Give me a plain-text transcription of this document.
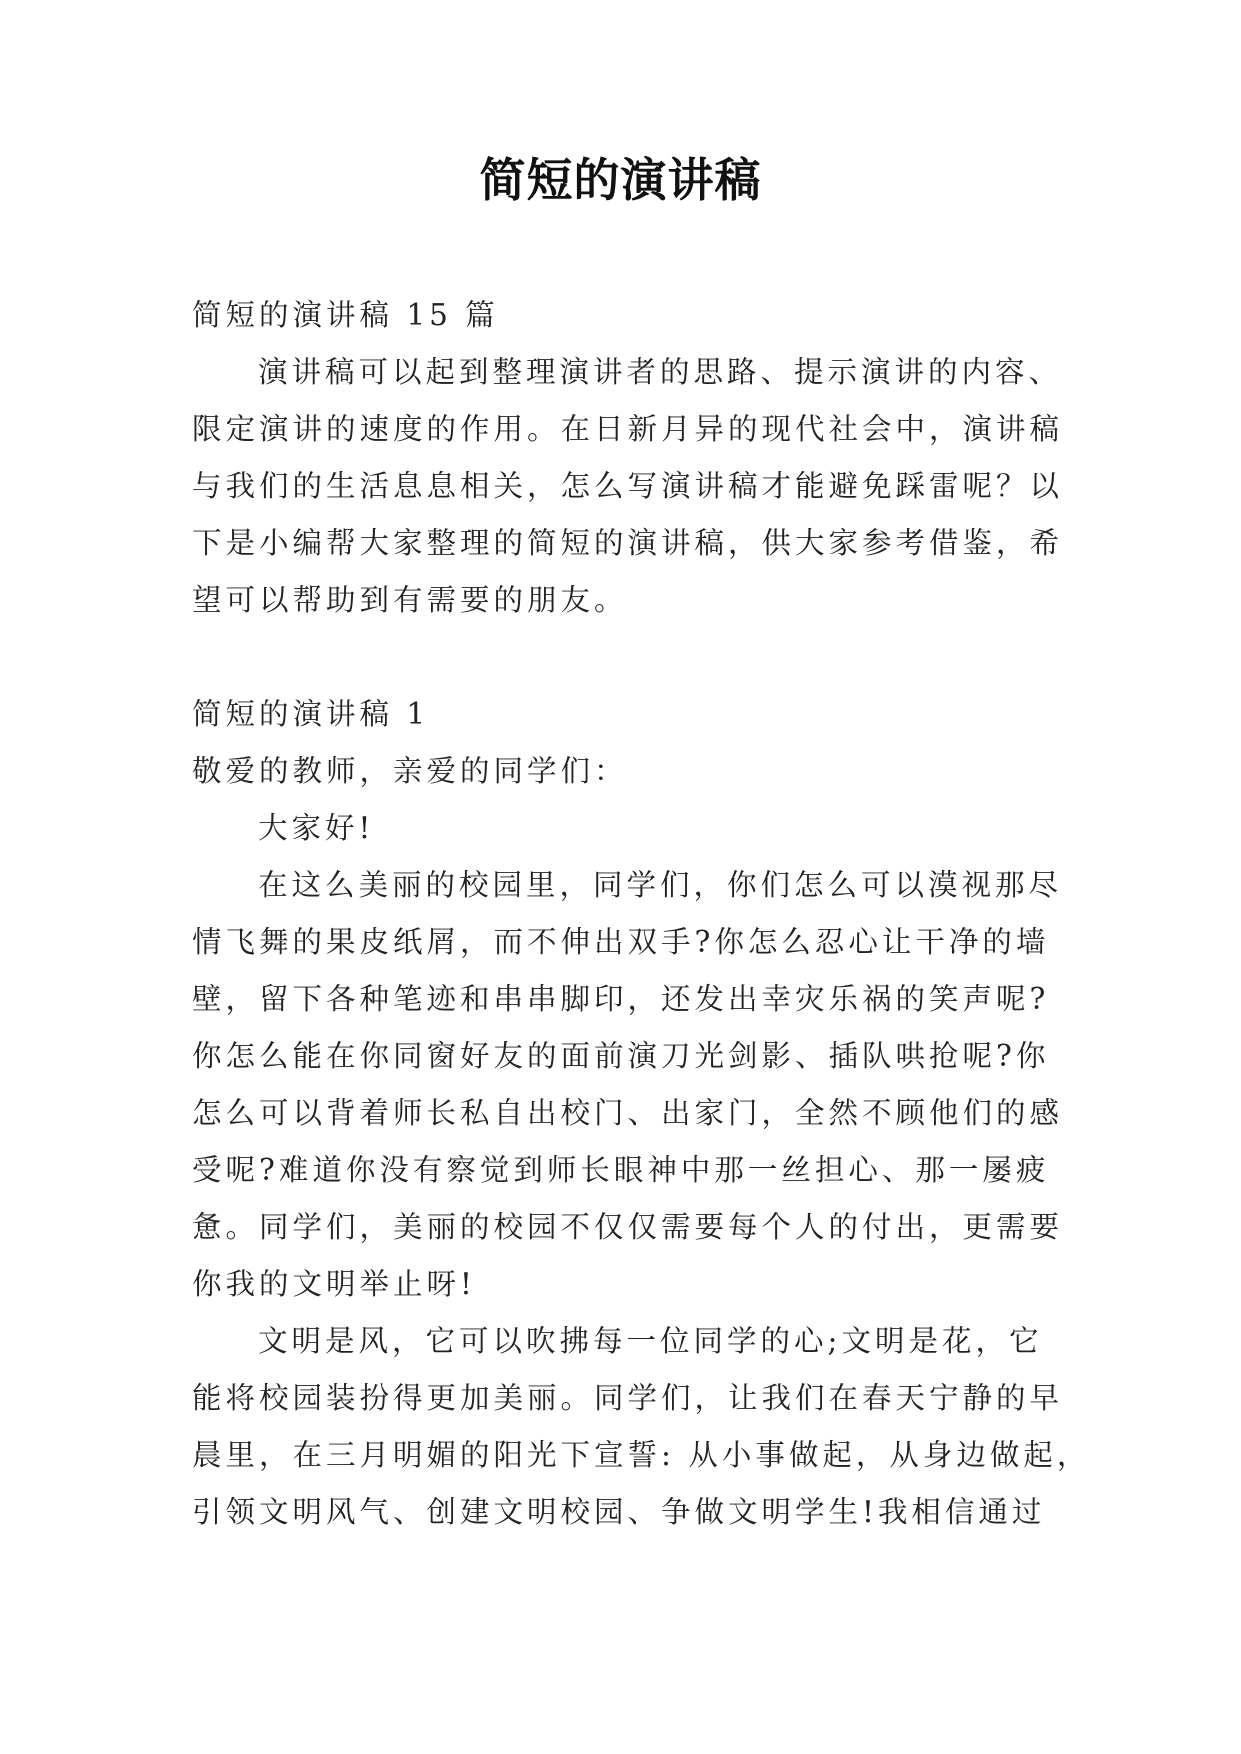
简短的演讲稿
简短的演讲稿 15 篇
演讲稿可以起到整理演讲者的思路、提示演讲的内容、
限定演讲的速度的作用。在日新月异的现代社会中，演讲稿
与我们的生活息息相关，怎么写演讲稿才能避免踩雷呢？以
下是小编帮大家整理的简短的演讲稿，供大家参考借鉴，希
望可以帮助到有需要的朋友。
简短的演讲稿 1
敬爱的教师，亲爱的同学们：
大家好!
在这么美丽的校园里，同学们，你们怎么可以漠视那尽
情飞舞的果皮纸屑，而不伸出双手?你怎么忍心让干净的墙
壁，留下各种笔迹和串串脚印，还发出幸灾乐祸的笑声呢?
你怎么能在你同窗好友的面前演刀光剑影、插队哄抢呢?你
怎么可以背着师长私自出校门、出家门，全然不顾他们的感
受呢?难道你没有察觉到师长眼神中那一丝担心、那一屡疲
惫。同学们，美丽的校园不仅仅需要每个人的付出，更需要
你我的文明举止呀!
文明是风，它可以吹拂每一位同学的心;文明是花，它
能将校园装扮得更加美丽。同学们，让我们在春天宁静的早
晨里，在三月明媚的阳光下宣誓: 从小事做起，从身边做起，
引领文明风气、创建文明校园、争做文明学生!我相信通过
